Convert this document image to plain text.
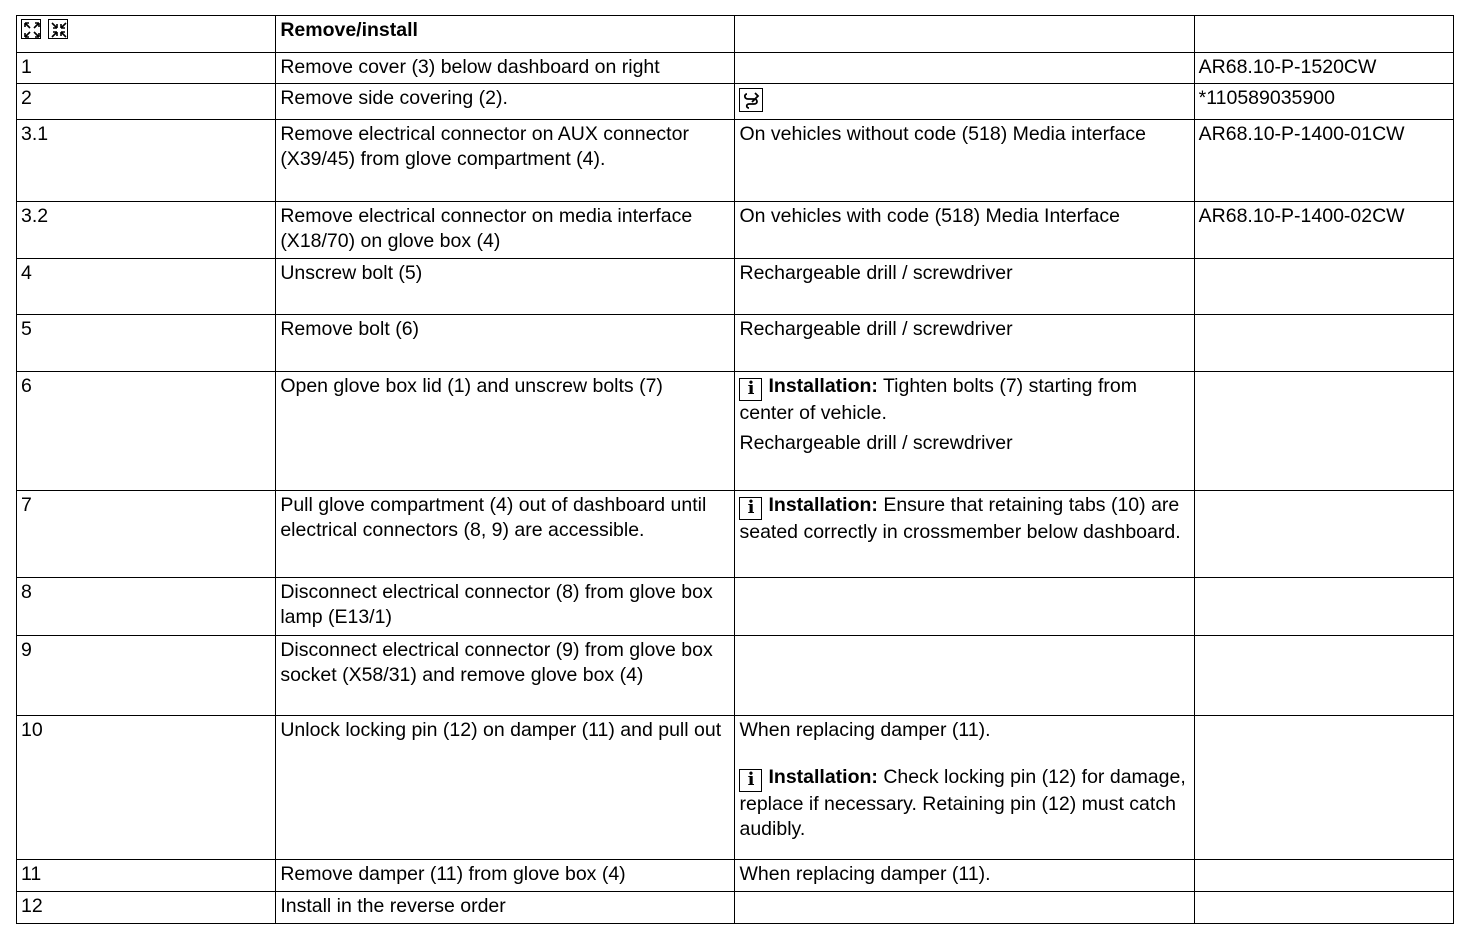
	Remove/install		
1	Remove cover (3) below dashboard on right		AR68.10-P-1520CW
2	Remove side covering (2).		*110589035900
3.1	Remove electrical connector on AUX connector (X39/45) from glove compartment (4).	On vehicles without code (518) Media interface	AR68.10-P-1400-01CW
3.2	Remove electrical connector on media interface (X18/70) on glove box (4)	On vehicles with code (518) Media Interface	AR68.10-P-1400-02CW
4	Unscrew bolt (5)	Rechargeable drill / screwdriver	
5	Remove bolt (6)	Rechargeable drill / screwdriver	
6	Open glove box lid (1) and unscrew bolts (7)	i Installation: Tighten bolts (7) starting from center of vehicle.
Rechargeable drill / screwdriver	

7	Pull glove compartment (4) out of dashboard until electrical connectors (8, 9) are accessible.	i Installation: Ensure that retaining tabs (10) are seated correctly in crossmember below dashboard.	
8	Disconnect electrical connector (8) from glove box lamp (E13/1)		
9	Disconnect electrical connector (9) from glove box socket (X58/31) and remove glove box (4)		
10	Unlock locking pin (12) on damper (11) and pull out	When replacing damper (11).
i Installation: Check locking pin (12) for damage, replace if necessary. Retaining pin (12) must catch audibly.	

11	Remove damper (11) from glove box (4)	When replacing damper (11).	
12	Install in the reverse order		
